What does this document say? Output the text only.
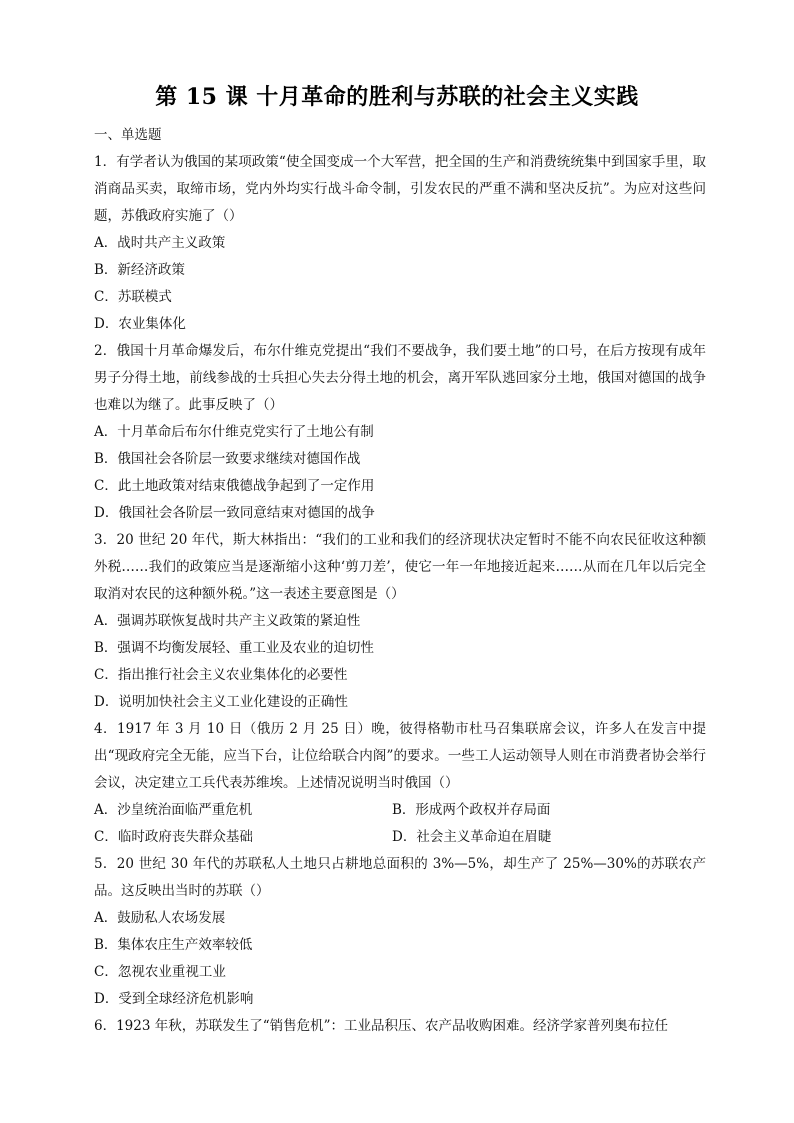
第 15 课 十月革命的胜利与苏联的社会主义实践

一、单选题

1．有学者认为俄国的某项政策“使全国变成一个大军营，把全国的生产和消费统统集中到国家手里，取消商品买卖，取缔市场，党内外均实行战斗命令制，引发农民的严重不满和坚决反抗”。为应对这些问题，苏俄政府实施了（）

A．战时共产主义政策

B．新经济政策

C．苏联模式

D．农业集体化

2．俄国十月革命爆发后，布尔什维克党提出“我们不要战争，我们要土地”的口号，在后方按现有成年男子分得土地，前线参战的士兵担心失去分得土地的机会，离开军队逃回家分土地，俄国对德国的战争也难以为继了。此事反映了（）

A．十月革命后布尔什维克党实行了土地公有制

B．俄国社会各阶层一致要求继续对德国作战

C．此土地政策对结束俄德战争起到了一定作用

D．俄国社会各阶层一致同意结束对德国的战争

3．20 世纪 20 年代，斯大林指出：“我们的工业和我们的经济现状决定暂时不能不向农民征收这种额外税……我们的政策应当是逐渐缩小这种‘剪刀差’，使它一年一年地接近起来……从而在几年以后完全取消对农民的这种额外税。”这一表述主要意图是（）

A．强调苏联恢复战时共产主义政策的紧迫性

B．强调不均衡发展轻、重工业及农业的迫切性

C．指出推行社会主义农业集体化的必要性

D．说明加快社会主义工业化建设的正确性

4．1917 年 3 月 10 日（俄历 2 月 25 日）晚，彼得格勒市杜马召集联席会议，许多人在发言中提出“现政府完全无能，应当下台，让位给联合内阁”的要求。一些工人运动领导人则在市消费者协会举行会议，决定建立工兵代表苏维埃。上述情况说明当时俄国（）

A．沙皇统治面临严重危机	B．形成两个政权并存局面

C．临时政府丧失群众基础	D．社会主义革命迫在眉睫

5．20 世纪 30 年代的苏联私人土地只占耕地总面积的 3%—5%，却生产了 25%—30%的苏联农产品。这反映出当时的苏联（）

A．鼓励私人农场发展

B．集体农庄生产效率较低

C．忽视农业重视工业

D．受到全球经济危机影响

6．1923 年秋，苏联发生了“销售危机”：工业品积压、农产品收购困难。经济学家普列奥布拉任
